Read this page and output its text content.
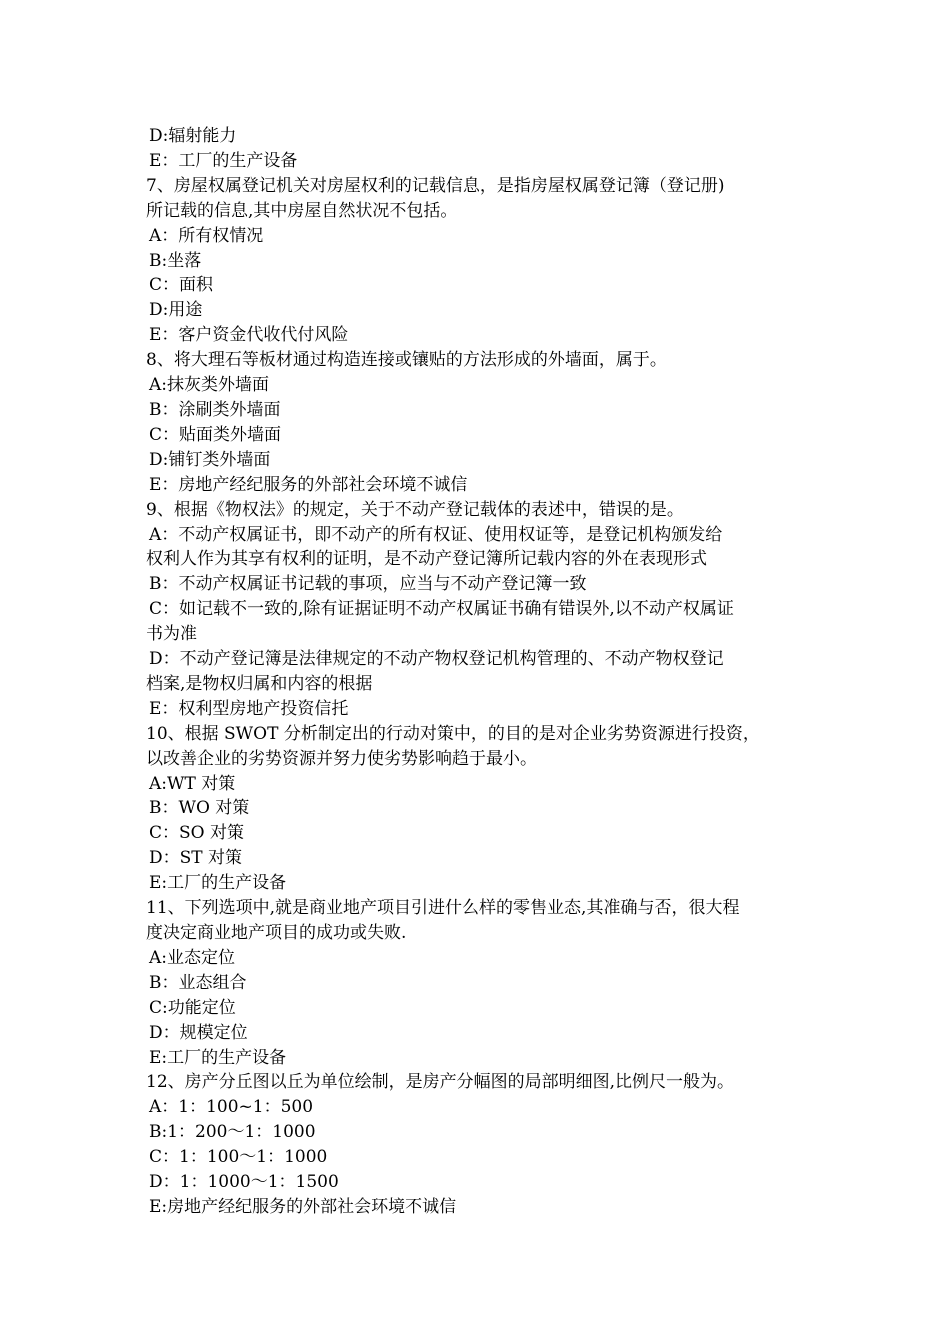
D:辐射能力

E：工厂的生产设备

7、房屋权属登记机关对房屋权利的记载信息，是指房屋权属登记簿（登记册)

所记载的信息,其中房屋自然状况不包括。

A：所有权情况

B:坐落

C：面积

D:用途

E：客户资金代收代付风险

8、将大理石等板材通过构造连接或镶贴的方法形成的外墙面，属于。

A:抹灰类外墙面

B：涂刷类外墙面

C：贴面类外墙面

D:铺钉类外墙面

E：房地产经纪服务的外部社会环境不诚信

9、根据《物权法》的规定，关于不动产登记载体的表述中，错误的是。

A：不动产权属证书，即不动产的所有权证、使用权证等，是登记机构颁发给

权利人作为其享有权利的证明，是不动产登记簿所记载内容的外在表现形式

B：不动产权属证书记载的事项，应当与不动产登记簿一致

C：如记载不一致的,除有证据证明不动产权属证书确有错误外,以不动产权属证

书为准

D：不动产登记簿是法律规定的不动产物权登记机构管理的、不动产物权登记

档案,是物权归属和内容的根据

E：权利型房地产投资信托

10、根据 SWOT 分析制定出的行动对策中，的目的是对企业劣势资源进行投资，

以改善企业的劣势资源并努力使劣势影响趋于最小。

A:WT 对策

B：WO 对策

C：SO 对策

D：ST 对策

E:工厂的生产设备

11、下列选项中,就是商业地产项目引进什么样的零售业态,其准确与否，很大程

度决定商业地产项目的成功或失败.

A:业态定位

B：业态组合

C:功能定位

D：规模定位

E:工厂的生产设备

12、房产分丘图以丘为单位绘制，是房产分幅图的局部明细图,比例尺一般为。

A：1：100~1：500

B:1：200～1：1000

C：1：100～1：1000

D：1：1000～1：1500

E:房地产经纪服务的外部社会环境不诚信
